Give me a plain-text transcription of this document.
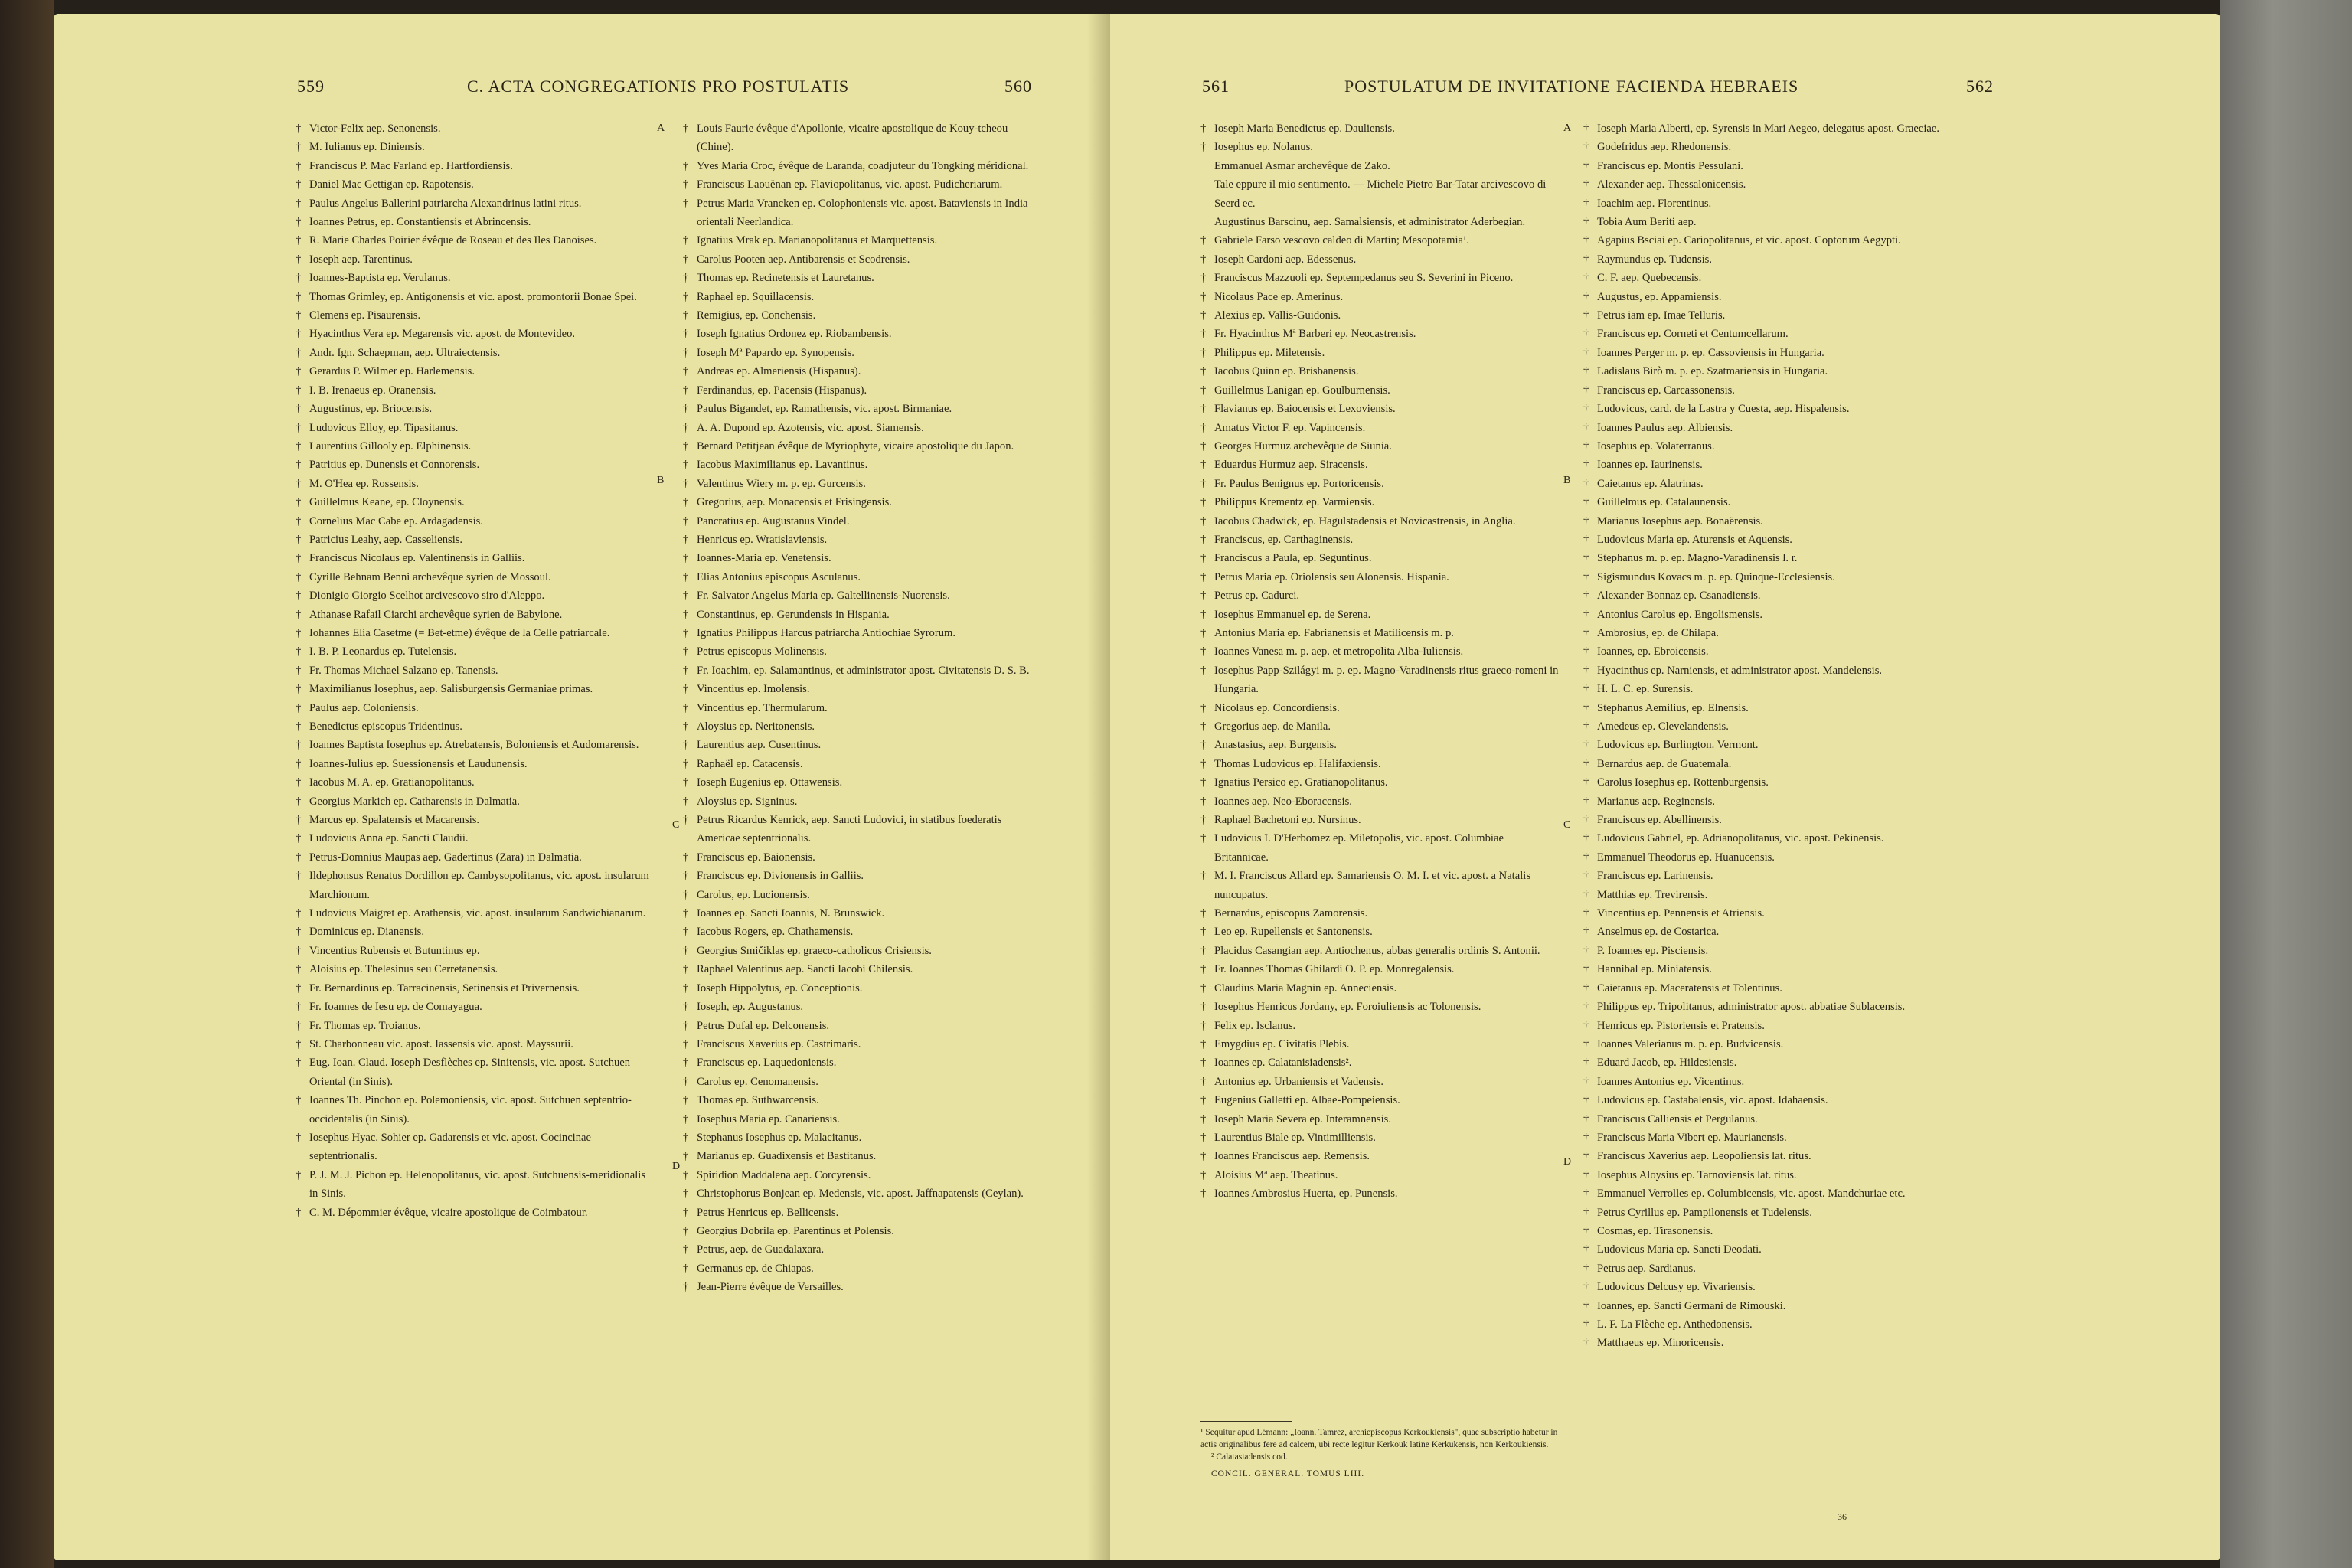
559	C. ACTA CONGREGATIONIS PRO POSTULATIS	560

† Victor-Felix aep. Senonensis.

† M. Iulianus ep. Diniensis.

† Franciscus P. Mac Farland ep. Hartfordiensis.

† Daniel Mac Gettigan ep. Rapotensis.

† Paulus Angelus Ballerini patriarcha Alexandrinus latini ritus.

† Ioannes Petrus, ep. Constantiensis et Abrincensis.

† R. Marie Charles Poirier évêque de Roseau et des Iles Danoises.

† Ioseph aep. Tarentinus.

† Ioannes-Baptista ep. Verulanus.

† Thomas Grimley, ep. Antigonensis et vic. apost. promontorii Bonae Spei.

† Clemens ep. Pisaurensis.

† Hyacinthus Vera ep. Megarensis vic. apost. de Montevideo.

† Andr. Ign. Schaepman, aep. Ultraiectensis.

† Gerardus P. Wilmer ep. Harlemensis.

† I. B. Irenaeus ep. Oranensis.

† Augustinus, ep. Briocensis.

† Ludovicus Elloy, ep. Tipasitanus.

† Laurentius Gillooly ep. Elphinensis.

† Patritius ep. Dunensis et Connorensis.

† M. O'Hea ep. Rossensis.

† Guillelmus Keane, ep. Cloynensis.

† Cornelius Mac Cabe ep. Ardagadensis.

† Patricius Leahy, aep. Casseliensis.

† Franciscus Nicolaus ep. Valentinensis in Galliis.

† Cyrille Behnam Benni archevêque syrien de Mossoul.

† Dionigio Giorgio Scelhot arcivescovo siro d'Aleppo.

† Athanase Rafail Ciarchi archevêque syrien de Babylone.

† Iohannes Elia Casetme (= Bet-etme) évêque de la Celle patriarcale.

† I. B. P. Leonardus ep. Tutelensis.

† Fr. Thomas Michael Salzano ep. Tanensis.

† Maximilianus Iosephus, aep. Salisburgensis Germaniae primas.

† Paulus aep. Coloniensis.

† Benedictus episcopus Tridentinus.

† Ioannes Baptista Iosephus ep. Atrebatensis, Boloniensis et Audomarensis.

† Ioannes-Iulius ep. Suessionensis et Laudunensis.

† Iacobus M. A. ep. Gratianopolitanus.

† Georgius Markich ep. Catharensis in Dalmatia.

† Marcus ep. Spalatensis et Macarensis.

† Ludovicus Anna ep. Sancti Claudii.

† Petrus-Domnius Maupas aep. Gadertinus (Zara) in Dalmatia.

† Ildephonsus Renatus Dordillon ep. Cambysopolitanus, vic. apost. insularum Marchionum.

† Ludovicus Maigret ep. Arathensis, vic. apost. insularum Sandwichianarum.

† Dominicus ep. Dianensis.

† Vincentius Rubensis et Butuntinus ep.

† Aloisius ep. Thelesinus seu Cerretanensis.

† Fr. Bernardinus ep. Tarracinensis, Setinensis et Privernensis.

† Fr. Ioannes de Iesu ep. de Comayagua.

† Fr. Thomas ep. Troianus.

† St. Charbonneau vic. apost. Iassensis vic. apost. Mayssurii.

† Eug. Ioan. Claud. Ioseph Desflèches ep. Sinitensis, vic. apost. Sutchuen Oriental (in Sinis).

† Ioannes Th. Pinchon ep. Polemoniensis, vic. apost. Sutchuen septentrio-occidentalis (in Sinis).

† Iosephus Hyac. Sohier ep. Gadarensis et vic. apost. Cocincinae septentrionalis.

† P. J. M. J. Pichon ep. Helenopolitanus, vic. apost. Sutchuensis-meridionalis in Sinis.

† C. M. Dépommier évêque, vicaire apostolique de Coimbatour.

† Louis Faurie évêque d'Apollonie, vicaire apostolique de Kouy-tcheou (Chine).

† Yves Maria Croc, évêque de Laranda, coadjuteur du Tongking méridional.

† Franciscus Laouënan ep. Flaviopolitanus, vic. apost. Pudicheriarum.

† Petrus Maria Vrancken ep. Colophoniensis vic. apost. Bataviensis in India orientali Neerlandica.

† Ignatius Mrak ep. Marianopolitanus et Marquettensis.

† Carolus Pooten aep. Antibarensis et Scodrensis.

† Thomas ep. Recinetensis et Lauretanus.

† Raphael ep. Squillacensis.

† Remigius, ep. Conchensis.

† Ioseph Ignatius Ordonez ep. Riobambensis.

† Ioseph Mª Papardo ep. Synopensis.

† Andreas ep. Almeriensis (Hispanus).

† Ferdinandus, ep. Pacensis (Hispanus).

† Paulus Bigandet, ep. Ramathensis, vic. apost. Birmaniae.

† A. A. Dupond ep. Azotensis, vic. apost. Siamensis.

† Bernard Petitjean évêque de Myriophyte, vicaire apostolique du Japon.

† Iacobus Maximilianus ep. Lavantinus.

† Valentinus Wiery m. p. ep. Gurcensis.

† Gregorius, aep. Monacensis et Frisingensis.

† Pancratius ep. Augustanus Vindel.

† Henricus ep. Wratislaviensis.

† Ioannes-Maria ep. Venetensis.

† Elias Antonius episcopus Asculanus.

† Fr. Salvator Angelus Maria ep. Galtellinensis-Nuorensis.

† Constantinus, ep. Gerundensis in Hispania.

† Ignatius Philippus Harcus patriarcha Antiochiae Syrorum.

† Petrus episcopus Molinensis.

† Fr. Ioachim, ep. Salamantinus, et administrator apost. Civitatensis D. S. B.

† Vincentius ep. Imolensis.

† Vincentius ep. Thermularum.

† Aloysius ep. Neritonensis.

† Laurentius aep. Cusentinus.

† Raphaël ep. Catacensis.

† Ioseph Eugenius ep. Ottawensis.

† Aloysius ep. Signinus.

† Petrus Ricardus Kenrick, aep. Sancti Ludovici, in statibus foederatis Americae septentrionalis.

† Franciscus ep. Baionensis.

† Franciscus ep. Divionensis in Galliis.

† Carolus, ep. Lucionensis.

† Ioannes ep. Sancti Ioannis, N. Brunswick.

† Iacobus Rogers, ep. Chathamensis.

† Georgius Smičiklas ep. graeco-catholicus Crisiensis.

† Raphael Valentinus aep. Sancti Iacobi Chilensis.

† Ioseph Hippolytus, ep. Conceptionis.

† Ioseph, ep. Augustanus.

† Petrus Dufal ep. Delconensis.

† Franciscus Xaverius ep. Castrimaris.

† Franciscus ep. Laquedoniensis.

† Carolus ep. Cenomanensis.

† Thomas ep. Suthwarcensis.

† Iosephus Maria ep. Canariensis.

† Stephanus Iosephus ep. Malacitanus.

† Marianus ep. Guadixensis et Bastitanus.

† Spiridion Maddalena aep. Corcyrensis.

† Christophorus Bonjean ep. Medensis, vic. apost. Jaffnapatensis (Ceylan).

† Petrus Henricus ep. Bellicensis.

† Georgius Dobrila ep. Parentinus et Polensis.

† Petrus, aep. de Guadalaxara.

† Germanus ep. de Chiapas.

† Jean-Pierre évêque de Versailles.

A
B
C
D
561	POSTULATUM DE INVITATIONE FACIENDA HEBRAEIS	562

† Ioseph Maria Benedictus ep. Dauliensis.

† Iosephus ep. Nolanus.

Emmanuel Asmar archevêque de Zako.

Tale eppure il mio sentimento. — Michele Pietro Bar-Tatar arcivescovo di Seerd ec.

Augustinus Barscinu, aep. Samalsiensis, et administrator Aderbegian.

† Gabriele Farso vescovo caldeo di Martin; Mesopotamia¹.

† Ioseph Cardoni aep. Edessenus.

† Franciscus Mazzuoli ep. Septempedanus seu S. Severini in Piceno.

† Nicolaus Pace ep. Amerinus.

† Alexius ep. Vallis-Guidonis.

† Fr. Hyacinthus Mª Barberi ep. Neocastrensis.

† Philippus ep. Miletensis.

† Iacobus Quinn ep. Brisbanensis.

† Guillelmus Lanigan ep. Goulburnensis.

† Flavianus ep. Baiocensis et Lexoviensis.

† Amatus Victor F. ep. Vapincensis.

† Georges Hurmuz archevêque de Siunia.

† Eduardus Hurmuz aep. Siracensis.

† Fr. Paulus Benignus ep. Portoricensis.

† Philippus Krementz ep. Varmiensis.

† Iacobus Chadwick, ep. Hagulstadensis et Novicastrensis, in Anglia.

† Franciscus, ep. Carthaginensis.

† Franciscus a Paula, ep. Seguntinus.

† Petrus Maria ep. Oriolensis seu Alonensis. Hispania.

† Petrus ep. Cadurci.

† Iosephus Emmanuel ep. de Serena.

† Antonius Maria ep. Fabrianensis et Matilicensis m. p.

† Ioannes Vanesa m. p. aep. et metropolita Alba-Iuliensis.

† Iosephus Papp-Szilágyi m. p. ep. Magno-Varadinensis ritus graeco-romeni in Hungaria.

† Nicolaus ep. Concordiensis.

† Gregorius aep. de Manila.

† Anastasius, aep. Burgensis.

† Thomas Ludovicus ep. Halifaxiensis.

† Ignatius Persico ep. Gratianopolitanus.

† Ioannes aep. Neo-Eboracensis.

† Raphael Bachetoni ep. Nursinus.

† Ludovicus I. D'Herbomez ep. Miletopolis, vic. apost. Columbiae Britannicae.

† M. I. Franciscus Allard ep. Samariensis O. M. I. et vic. apost. a Natalis nuncupatus.

† Bernardus, episcopus Zamorensis.

† Leo ep. Rupellensis et Santonensis.

† Placidus Casangian aep. Antiochenus, abbas generalis ordinis S. Antonii.

† Fr. Ioannes Thomas Ghilardi O. P. ep. Monregalensis.

† Claudius Maria Magnin ep. Anneciensis.

† Iosephus Henricus Jordany, ep. Foroiuliensis ac Tolonensis.

† Felix ep. Isclanus.

† Emygdius ep. Civitatis Plebis.

† Ioannes ep. Calatanisiadensis².

† Antonius ep. Urbaniensis et Vadensis.

† Eugenius Galletti ep. Albae-Pompeiensis.

† Ioseph Maria Severa ep. Interamnensis.

† Laurentius Biale ep. Vintimilliensis.

† Ioannes Franciscus aep. Remensis.

† Aloisius Mª aep. Theatinus.

† Ioannes Ambrosius Huerta, ep. Punensis.

† Ioseph Maria Alberti, ep. Syrensis in Mari Aegeo, delegatus apost. Graeciae.

† Godefridus aep. Rhedonensis.

† Franciscus ep. Montis Pessulani.

† Alexander aep. Thessalonicensis.

† Ioachim aep. Florentinus.

† Tobia Aum Beriti aep.

† Agapius Bsciai ep. Cariopolitanus, et vic. apost. Coptorum Aegypti.

† Raymundus ep. Tudensis.

† C. F. aep. Quebecensis.

† Augustus, ep. Appamiensis.

† Petrus iam ep. Imae Telluris.

† Franciscus ep. Corneti et Centumcellarum.

† Ioannes Perger m. p. ep. Cassoviensis in Hungaria.

† Ladislaus Birò m. p. ep. Szatmariensis in Hungaria.

† Franciscus ep. Carcassonensis.

† Ludovicus, card. de la Lastra y Cuesta, aep. Hispalensis.

† Ioannes Paulus aep. Albiensis.

† Iosephus ep. Volaterranus.

† Ioannes ep. Iaurinensis.

† Caietanus ep. Alatrinas.

† Guillelmus ep. Catalaunensis.

† Marianus Iosephus aep. Bonaërensis.

† Ludovicus Maria ep. Aturensis et Aquensis.

† Stephanus m. p. ep. Magno-Varadinensis l. r.

† Sigismundus Kovacs m. p. ep. Quinque-Ecclesiensis.

† Alexander Bonnaz ep. Csanadiensis.

† Antonius Carolus ep. Engolismensis.

† Ambrosius, ep. de Chilapa.

† Ioannes, ep. Ebroicensis.

† Hyacinthus ep. Narniensis, et administrator apost. Mandelensis.

† H. L. C. ep. Surensis.

† Stephanus Aemilius, ep. Elnensis.

† Amedeus ep. Clevelandensis.

† Ludovicus ep. Burlington. Vermont.

† Bernardus aep. de Guatemala.

† Carolus Iosephus ep. Rottenburgensis.

† Marianus aep. Reginensis.

† Franciscus ep. Abellinensis.

† Ludovicus Gabriel, ep. Adrianopolitanus, vic. apost. Pekinensis.

† Emmanuel Theodorus ep. Huanucensis.

† Franciscus ep. Larinensis.

† Matthias ep. Trevirensis.

† Vincentius ep. Pennensis et Atriensis.

† Anselmus ep. de Costarica.

† P. Ioannes ep. Pisciensis.

† Hannibal ep. Miniatensis.

† Caietanus ep. Maceratensis et Tolentinus.

† Philippus ep. Tripolitanus, administrator apost. abbatiae Sublacensis.

† Henricus ep. Pistoriensis et Pratensis.

† Ioannes Valerianus m. p. ep. Budvicensis.

† Eduard Jacob, ep. Hildesiensis.

† Ioannes Antonius ep. Vicentinus.

† Ludovicus ep. Castabalensis, vic. apost. Idahaensis.

† Franciscus Calliensis et Pergulanus.

† Franciscus Maria Vibert ep. Maurianensis.

† Franciscus Xaverius aep. Leopoliensis lat. ritus.

† Iosephus Aloysius ep. Tarnoviensis lat. ritus.

† Emmanuel Verrolles ep. Columbicensis, vic. apost. Mandchuriae etc.

† Petrus Cyrillus ep. Pampilonensis et Tudelensis.

† Cosmas, ep. Tirasonensis.

† Ludovicus Maria ep. Sancti Deodati.

† Petrus aep. Sardianus.

† Ludovicus Delcusy ep. Vivariensis.

† Ioannes, ep. Sancti Germani de Rimouski.

† L. F. La Flèche ep. Anthedonensis.

† Matthaeus ep. Minoricensis.

A
B
C
D
¹ Sequitur apud Lémann: „Ioann. Tamrez, archiepiscopus Kerkoukiensis", quae subscriptio habetur in actis originalibus fere ad calcem, ubi recte legitur Kerkouk latine Kerkukensis, non Kerkoukiensis.
² Calatasiadensis cod.
CONCIL. GENERAL. TOMUS LIII.
36
